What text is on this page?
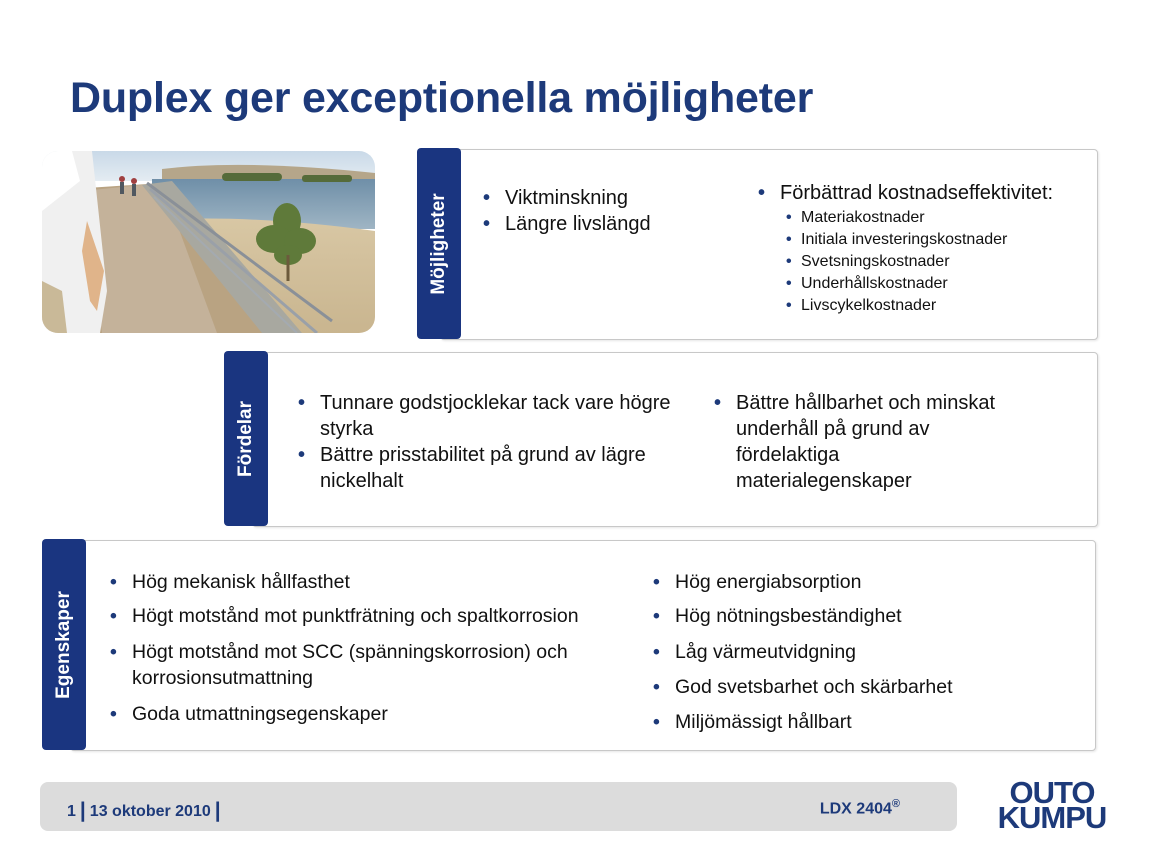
Duplex ger exceptionella möjligheter
• Viktminskning
• Längre livslängd
• Förbättrad kostnadseffektivitet:
• Materiakostnader
• Initiala investeringskostnader
• Svetsningskostnader
• Underhållskostnader
• Livscykelkostnader
Möjligheter
• Tunnare godstjocklekar tack vare högre styrka
• Bättre prisstabilitet på grund av lägre nickelhalt
• Bättre hållbarhet och minskat underhåll på grund av fördelaktiga materialegenskaper
Fördelar
• Hög mekanisk hållfasthet
• Högt motstånd mot punktfrätning och spaltkorrosion
• Högt motstånd mot SCC (spänningskorrosion) och korrosionsutmattning
• Goda utmattningsegenskaper
• Hög energiabsorption
• Hög nötningsbeständighet
• Låg värmeutvidgning
• God svetsbarhet och skärbarhet
• Miljömässigt hållbart
Egenskaper
1 | 13 oktober 2010 |	LDX 2404®	OUTO
KUMPU
